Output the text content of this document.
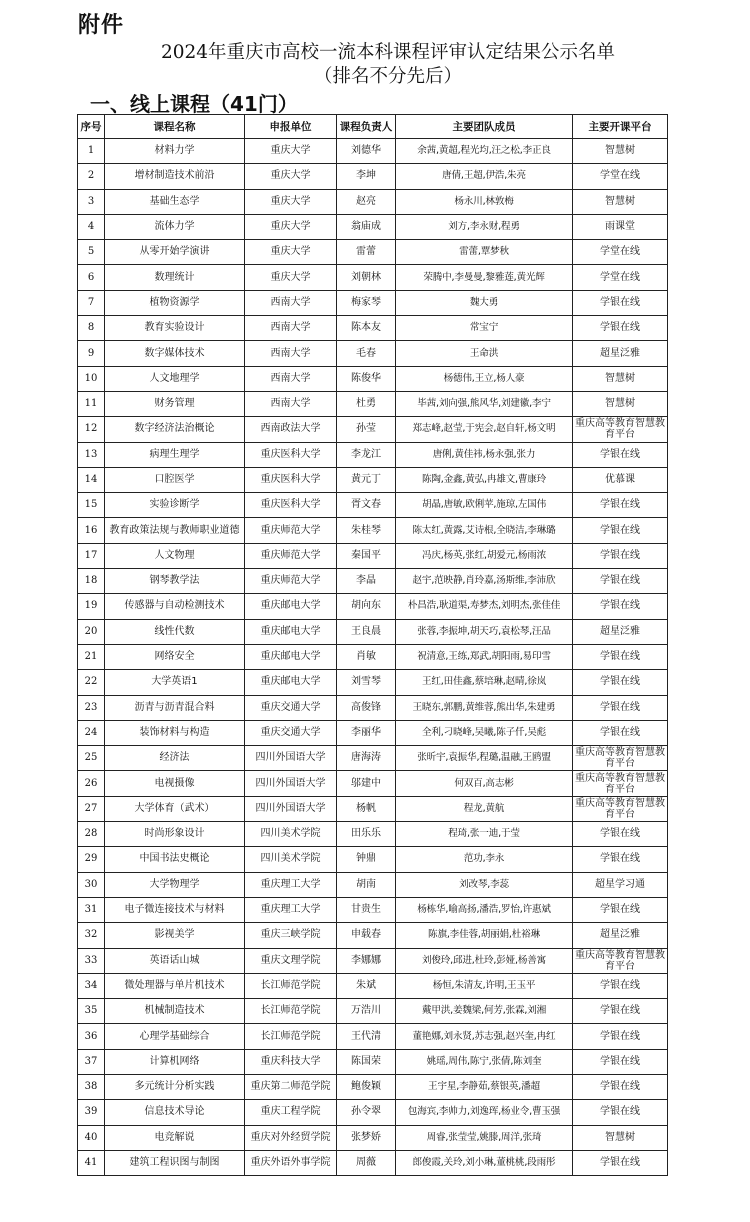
附件
2024年重庆市高校一流本科课程评审认定结果公示名单
（排名不分先后）
一、线上课程（41门）
序号	课程名称	申报单位	课程负责人	主要团队成员	主要开课平台
1	材料力学	重庆大学	刘德华	余茜,黄超,程光均,汪之松,李正良	智慧树
2	增材制造技术前沿	重庆大学	李坤	唐倩,王超,伊浩,朱亮	学堂在线
3	基础生态学	重庆大学	赵亮	杨永川,林敦梅	智慧树
4	流体力学	重庆大学	翁庙成	刘方,李永财,程勇	雨课堂
5	从零开始学演讲	重庆大学	雷蕾	雷蕾,覃梦秋	学堂在线
6	数理统计	重庆大学	刘朝林	荣腾中,李曼曼,黎雅莲,黄光辉	学堂在线
7	植物资源学	西南大学	梅家琴	魏大勇	学银在线
8	教育实验设计	西南大学	陈本友	常宝宁	学银在线
9	数字媒体技术	西南大学	毛春	王命洪	超星泛雅
10	人文地理学	西南大学	陈俊华	杨德伟,王立,杨人豪	智慧树
11	财务管理	西南大学	杜勇	毕茜,刘向强,熊风华,刘建徽,李宁	智慧树
12	数字经济法治概论	西南政法大学	孙莹	郑志峰,赵莹,于宪会,赵自轩,杨文明	重庆高等教育智慧教育平台
13	病理生理学	重庆医科大学	李龙江	唐俐,黄佳祎,杨永强,张力	学银在线
14	口腔医学	重庆医科大学	黄元丁	陈陶,金鑫,黄弘,冉雄文,曹康玲	优慕课
15	实验诊断学	重庆医科大学	胥文春	胡晶,唐敏,欧俐苹,施琼,左国伟	学银在线
16	教育政策法规与教师职业道德	重庆师范大学	朱桂琴	陈太红,黄露,艾诗根,全晓洁,李琳璐	学银在线
17	人文物理	重庆师范大学	秦国平	冯庆,杨英,张红,胡爱元,杨雨浓	学银在线
18	钢琴教学法	重庆师范大学	李晶	赵宇,范映静,肖玲嘉,汤斯维,李沛欣	学银在线
19	传感器与自动检测技术	重庆邮电大学	胡向东	朴昌浩,耿道渠,寿梦杰,刘明杰,张佳佳	学银在线
20	线性代数	重庆邮电大学	王良晨	张蓉,李振坤,胡天巧,袁松琴,汪品	超星泛雅
21	网络安全	重庆邮电大学	肖敏	祝清意,王练,郑武,胡阳雨,易印雪	学银在线
22	大学英语1	重庆邮电大学	刘雪琴	王红,田佳鑫,蔡培琳,赵晴,徐岚	学银在线
23	沥青与沥青混合料	重庆交通大学	高俊锋	王晓东,郭鹏,黄维蓉,熊出华,朱建勇	学银在线
24	装饰材料与构造	重庆交通大学	李丽华	全利,刁晓峰,吴曦,陈子仟,吴彪	学银在线
25	经济法	四川外国语大学	唐海涛	张昕宇,袁振华,程璐,温融,王鸥盟	重庆高等教育智慧教育平台
26	电视摄像	四川外国语大学	邬建中	何双百,高志彬	重庆高等教育智慧教育平台
27	大学体育（武术）	四川外国语大学	杨帆	程龙,黄航	重庆高等教育智慧教育平台
28	时尚形象设计	四川美术学院	田乐乐	程琦,张一迪,于莹	学银在线
29	中国书法史概论	四川美术学院	钟鼎	范功,李永	学银在线
30	大学物理学	重庆理工大学	胡南	刘改琴,李蕊	超星学习通
31	电子微连接技术与材料	重庆理工大学	甘贵生	杨栋华,喻高扬,潘浩,罗怡,许惠斌	学银在线
32	影视美学	重庆三峡学院	申载春	陈旗,李佳蓉,胡丽娟,杜裕琳	超星泛雅
33	英语话山城	重庆文理学院	李娜娜	刘俊玲,邱进,杜玲,彭娅,杨善寓	重庆高等教育智慧教育平台
34	微处理器与单片机技术	长江师范学院	朱斌	杨恒,朱清友,许明,王玉平	学银在线
35	机械制造技术	长江师范学院	万浩川	戴甲洪,姜魏梁,何芳,张霖,刘湘	学银在线
36	心理学基础综合	长江师范学院	王代清	董艳娜,刘永贤,苏志强,赵兴奎,冉红	学银在线
37	计算机网络	重庆科技大学	陈国荣	姚瑶,周伟,陈宁,张倩,陈刘奎	学银在线
38	多元统计分析实践	重庆第二师范学院	鲍俊颖	王宇星,李静茹,蔡银英,潘超	学银在线
39	信息技术导论	重庆工程学院	孙令翠	包海宾,李帅力,刘逸珲,杨业令,曹玉强	学银在线
40	电竞解说	重庆对外经贸学院	张梦娇	周睿,张莹莹,姚滕,周洋,张琦	智慧树
41	建筑工程识图与制图	重庆外语外事学院	周薇	郎俊霞,关玲,刘小琳,董桃桃,段雨彤	学银在线
